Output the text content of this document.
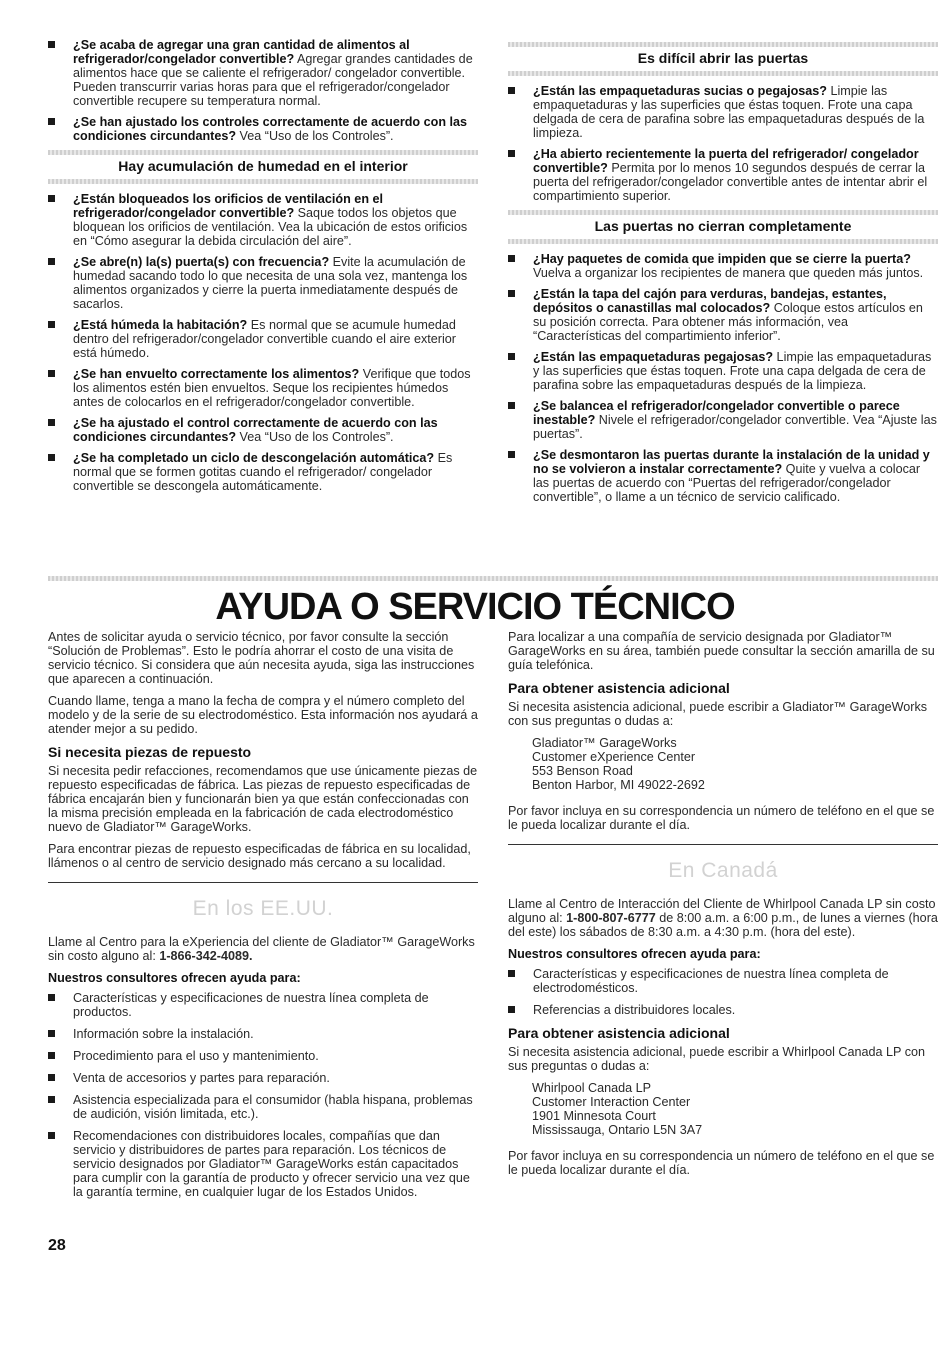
¿Se acaba de agregar una gran cantidad de alimentos al refrigerador/congelador convertible? Agregar grandes cantidades de alimentos hace que se caliente el refrigerador/ congelador convertible. Pueden transcurrir varias horas para que el refrigerador/congelador convertible recupere su temperatura normal.
¿Se han ajustado los controles correctamente de acuerdo con las condiciones circundantes? Vea “Uso de los Controles”.
Hay acumulación de humedad en el interior
¿Están bloqueados los orificios de ventilación en el refrigerador/congelador convertible? Saque todos los objetos que bloquean los orificios de ventilación. Vea la ubicación de estos orificios en “Cómo asegurar la debida circulación del aire”.
¿Se abre(n) la(s) puerta(s) con frecuencia? Evite la acumulación de humedad sacando todo lo que necesita de una sola vez, mantenga los alimentos organizados y cierre la puerta inmediatamente después de sacarlos.
¿Está húmeda la habitación? Es normal que se acumule humedad dentro del refrigerador/congelador convertible cuando el aire exterior está húmedo.
¿Se han envuelto correctamente los alimentos? Verifique que todos los alimentos estén bien envueltos. Seque los recipientes húmedos antes de colocarlos en el refrigerador/congelador convertible.
¿Se ha ajustado el control correctamente de acuerdo con las condiciones circundantes? Vea “Uso de los Controles”.
¿Se ha completado un ciclo de descongelación automática? Es normal que se formen gotitas cuando el refrigerador/ congelador convertible se descongela automáticamente.
Es difícil abrir las puertas
¿Están las empaquetaduras sucias o pegajosas? Limpie las empaquetaduras y las superficies que éstas toquen. Frote una capa delgada de cera de parafina sobre las empaquetaduras después de la limpieza.
¿Ha abierto recientemente la puerta del refrigerador/ congelador convertible? Permita por lo menos 10 segundos después de cerrar la puerta del refrigerador/congelador convertible antes de intentar abrir el compartimiento superior.
Las puertas no cierran completamente
¿Hay paquetes de comida que impiden que se cierre la puerta? Vuelva a organizar los recipientes de manera que queden más juntos.
¿Están la tapa del cajón para verduras, bandejas, estantes, depósitos o canastillas mal colocados? Coloque estos artículos en su posición correcta. Para obtener más información, vea “Características del compartimiento inferior”.
¿Están las empaquetaduras pegajosas? Limpie las empaquetaduras y las superficies que éstas toquen. Frote una capa delgada de cera de parafina sobre las empaquetaduras después de la limpieza.
¿Se balancea el refrigerador/congelador convertible o parece inestable? Nivele el refrigerador/congelador convertible. Vea “Ajuste las puertas”.
¿Se desmontaron las puertas durante la instalación de la unidad y no se volvieron a instalar correctamente? Quite y vuelva a colocar las puertas de acuerdo con “Puertas del refrigerador/congelador convertible”, o llame a un técnico de servicio calificado.
AYUDA O SERVICIO TÉCNICO

Antes de solicitar ayuda o servicio técnico, por favor consulte la sección “Solución de Problemas”. Esto le podría ahorrar el costo de una visita de servicio técnico. Si considera que aún necesita ayuda, siga las instrucciones que aparecen a continuación.

Cuando llame, tenga a mano la fecha de compra y el número completo del modelo y de la serie de su electrodoméstico. Esta información nos ayudará a atender mejor a su pedido.

Si necesita piezas de repuesto

Si necesita pedir refacciones, recomendamos que use únicamente piezas de repuesto especificadas de fábrica. Las piezas de repuesto especificadas de fábrica encajarán bien y funcionarán bien ya que están confeccionadas con la misma precisión empleada en la fabricación de cada electrodoméstico nuevo de Gladiator™ GarageWorks.

Para encontrar piezas de repuesto especificadas de fábrica en su localidad, llámenos o al centro de servicio designado más cercano a su localidad.

En los EE.UU.

Llame al Centro para la eXperiencia del cliente de Gladiator™ GarageWorks sin costo alguno al: 1-866-342-4089.

Nuestros consultores ofrecen ayuda para:

Características y especificaciones de nuestra línea completa de productos.
Información sobre la instalación.
Procedimiento para el uso y mantenimiento.
Venta de accesorios y partes para reparación.
Asistencia especializada para el consumidor (habla hispana, problemas de audición, visión limitada, etc.).
Recomendaciones con distribuidores locales, compañías que dan servicio y distribuidores de partes para reparación. Los técnicos de servicio designados por Gladiator™ GarageWorks están capacitados para cumplir con la garantía de producto y ofrecer servicio una vez que la garantía termine, en cualquier lugar de los Estados Unidos.

Para localizar a una compañía de servicio designada por Gladiator™ GarageWorks en su área, también puede consultar la sección amarilla de su guía telefónica.

Para obtener asistencia adicional

Si necesita asistencia adicional, puede escribir a Gladiator™ GarageWorks con sus preguntas o dudas a:

Gladiator™ GarageWorks
Customer eXperience Center
553 Benson Road
Benton Harbor, MI 49022-2692

Por favor incluya en su correspondencia un número de teléfono en el que se le pueda localizar durante el día.

En Canadá

Llame al Centro de Interacción del Cliente de Whirlpool Canada LP sin costo alguno al: 1-800-807-6777 de 8:00 a.m. a 6:00 p.m., de lunes a viernes (hora del este) los sábados de 8:30 a.m. a 4:30 p.m. (hora del este).

Nuestros consultores ofrecen ayuda para:

Características y especificaciones de nuestra línea completa de electrodomésticos.
Referencias a distribuidores locales.
Para obtener asistencia adicional

Si necesita asistencia adicional, puede escribir a Whirlpool Canada LP con sus preguntas o dudas a:

Whirlpool Canada LP
Customer Interaction Center
1901 Minnesota Court
Mississauga, Ontario L5N 3A7

Por favor incluya en su correspondencia un número de teléfono en el que se le pueda localizar durante el día.

28
